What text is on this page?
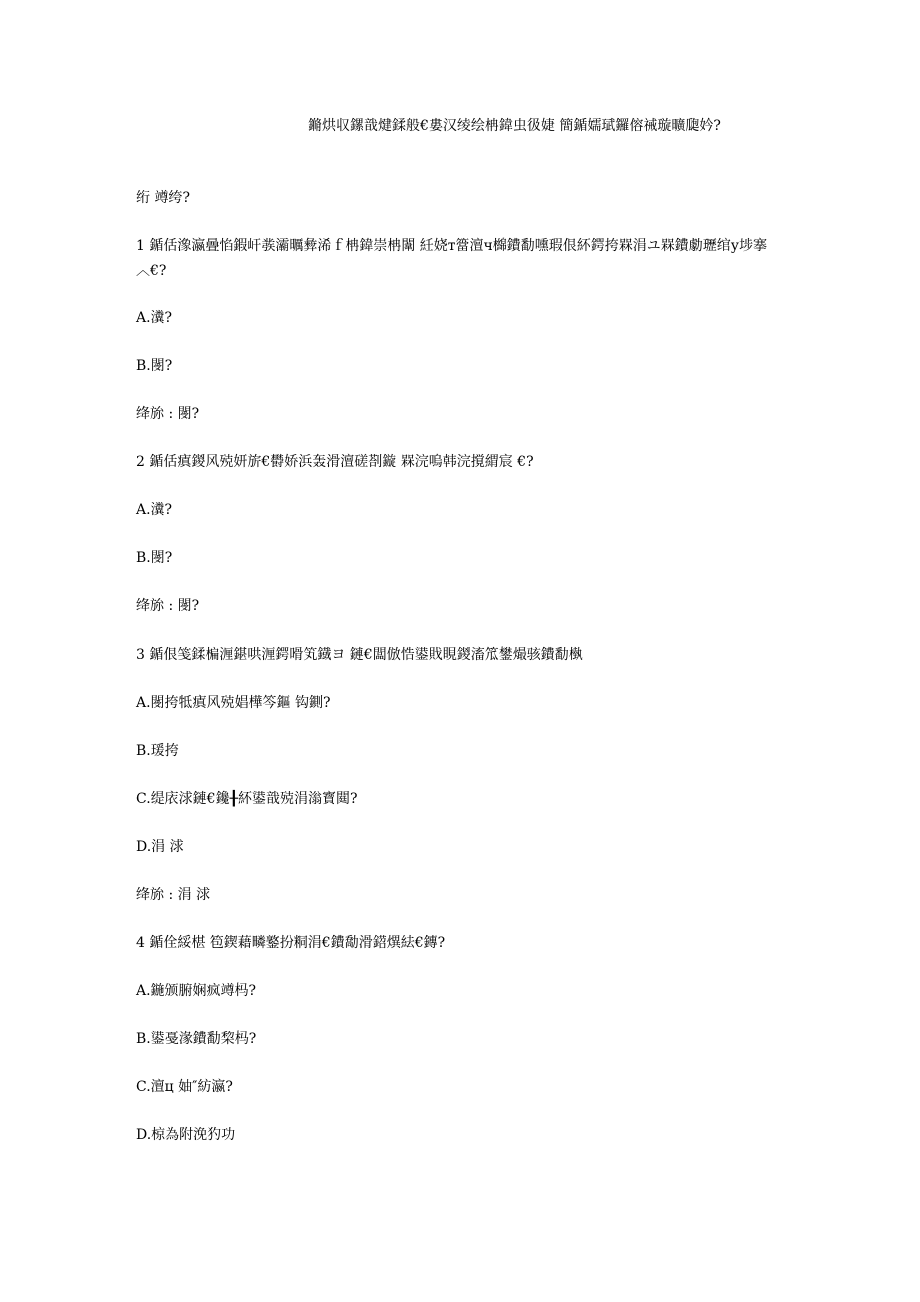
鏅烘収鏍戠煡鍒般€婁汉绫绘柟鍏虫彶婕 簡鍎嬬珷鑼傛祴璇曠瓟妗?

绗 竴绔?

1 鍎佸潒瀛曡惂鍜屽彂灞曞彜浠ｆ柟鍏崇柟闈 紝娆т簹澶ч檰鐨勫嚑瑕佷紑鍔挎槑涓ユ槑鐨勮瓑绾у埗搴︿€?

A.瀵?

B.閿?

绛旀 : 閿?

2 鍎佸瘨鍐风殑妍旂€欎娇浜轰滑澶磋剳鏇 槑浣嗚韩浣撹緭宸 €?

A.瀵?

B.閿?

绛旀 : 閿?

3 鍎佷笺鍒楄湹鍖哄湹鍔嗗笂鐡ヨ 鏈€闆倣悎鍙戝睍鍐滀笟鐢熶骇鐨勫槸

A.閿挎牴瘨风殑娼樺笒鏂 钩鍘?

B.瑗挎

C.缇庡浗鏈€鑱╂紑鍙戠殑涓滃寳閮?

D.涓 浗

绛旀 : 涓 浗

4 鍎佺綏椹 笣鍥藉疄鐜扮粡涓€鐨勪滑鍣熼紶€鏄?

A.鍦颁腑娴疯竴杩?

B.鍙戞湪鐨勫棃杩?

C.澶ц 妯″紡瀛?

D.椋為附浼犳功
